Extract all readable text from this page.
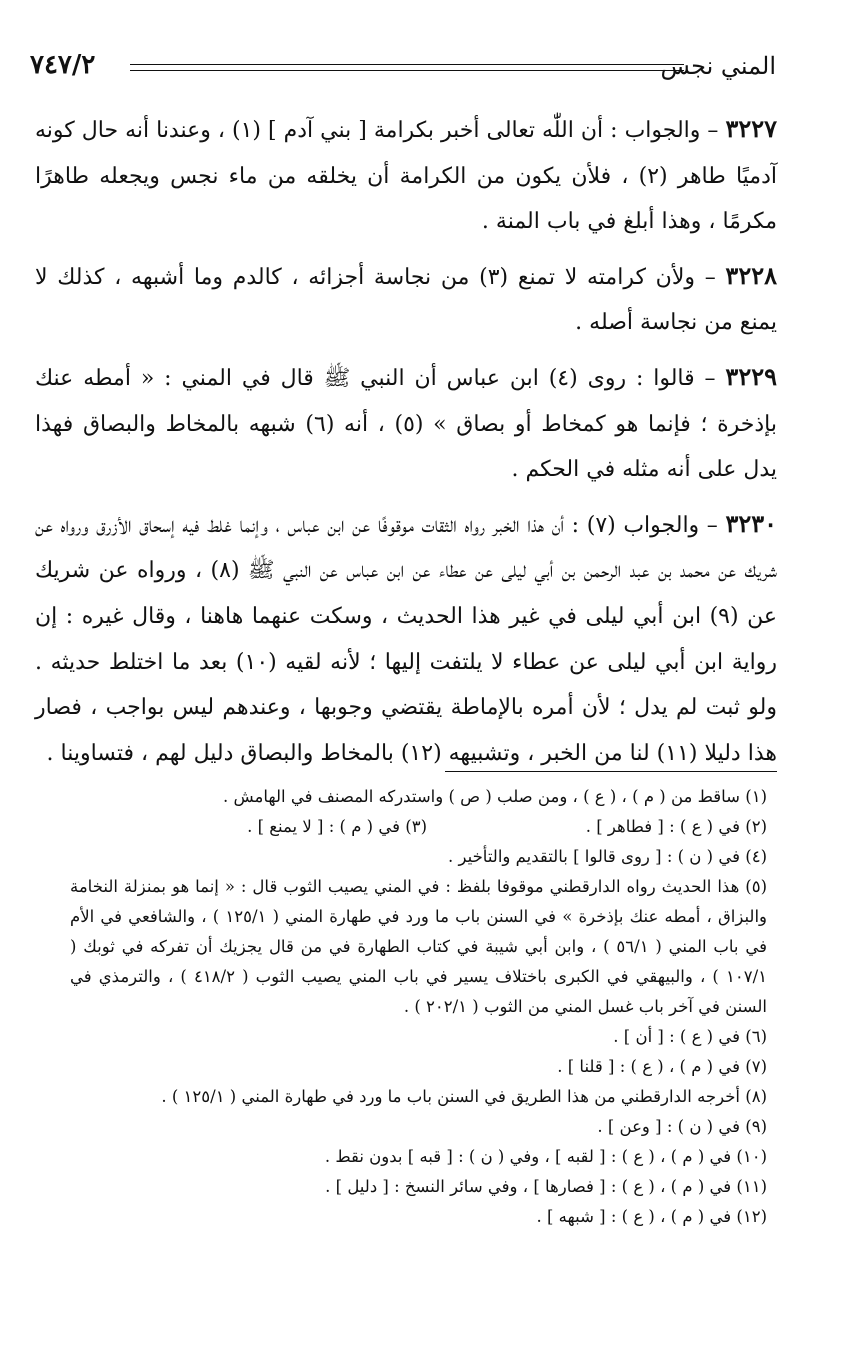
٧٤٧/٢	المني نجس

٣٢٢٧ – والجواب : أن اللّٰه تعالى أخبر بكرامة [ بني آدم ] (١) ، وعندنا أنه حال كونه آدميًا طاهر (٢) ، فلأن يكون من الكرامة أن يخلقه من ماء نجس ويجعله طاهرًا مكرمًا ، وهذا أبلغ في باب المنة .

٣٢٢٨ – ولأن كرامته لا تمنع (٣) من نجاسة أجزائه ، كالدم وما أشبهه ، كذلك لا يمنع من نجاسة أصله .

٣٢٢٩ – قالوا : روى (٤) ابن عباس أن النبي ﷺ قال في المني : « أمطه عنك بإذخرة ؛ فإنما هو كمخاط أو بصاق » (٥) ، أنه (٦) شبهه بالمخاط والبصاق فهذا يدل على أنه مثله في الحكم .

٣٢٣٠ – والجواب (٧) : أن هذا الخبر رواه الثقات موقوفًا عن ابن عباس ، وإنما غلط فيه إسحاق الأزرق ورواه عن شريك عن محمد بن عبد الرحمن بن أبي ليلى عن عطاء عن ابن عباس عن النبي ﷺ (٨) ، ورواه عن شريك عن (٩) ابن أبي ليلى في غير هذا الحديث ، وسكت عنهما هاهنا ، وقال غيره : إن رواية ابن أبي ليلى عن عطاء لا يلتفت إليها ؛ لأنه لقيه (١٠) بعد ما اختلط حديثه . ولو ثبت لم يدل ؛ لأن أمره بالإماطة يقتضي وجوبها ، وعندهم ليس بواجب ، فصار هذا دليلا (١١) لنا من الخبر ، وتشبيهه (١٢) بالمخاط والبصاق دليل لهم ، فتساوينا .

(١) ساقط من ( م ) ، ( ع ) ، ومن صلب ( ص ) واستدركه المصنف في الهامش .
(٢) في ( ع ) : [ فطاهر ] .
(٣) في ( م ) : [ لا يمنع ] .
(٤) في ( ن ) : [ روى قالوا ] بالتقديم والتأخير .
(٥) هذا الحديث رواه الدارقطني موقوفا بلفظ : في المني يصيب الثوب قال : « إنما هو بمنزلة النخامة والبزاق ، أمطه عنك بإذخرة » في السنن باب ما ورد في طهارة المني ( ١٢٥/١ ) ، والشافعي في الأم في باب المني ( ٥٦/١ ) ، وابن أبي شيبة في كتاب الطهارة في من قال يجزيك أن تفركه في ثوبك ( ١٠٧/١ ) ، والبيهقي في الكبرى باختلاف يسير في باب المني يصيب الثوب ( ٤١٨/٢ ) ، والترمذي في السنن في آخر باب غسل المني من الثوب ( ٢٠٢/١ ) .
(٦) في ( ع ) : [ أن ] .
(٧) في ( م ) ، ( ع ) : [ قلنا ] .
(٨) أخرجه الدارقطني من هذا الطريق في السنن باب ما ورد في طهارة المني ( ١٢٥/١ ) .
(٩) في ( ن ) : [ وعن ] .
(١٠) في ( م ) ، ( ع ) : [ لقبه ] ، وفي ( ن ) : [ قبه ] بدون نقط .
(١١) في ( م ) ، ( ع ) : [ فصارها ] ، وفي سائر النسخ : [ دليل ] .
(١٢) في ( م ) ، ( ع ) : [ شبهه ] .
